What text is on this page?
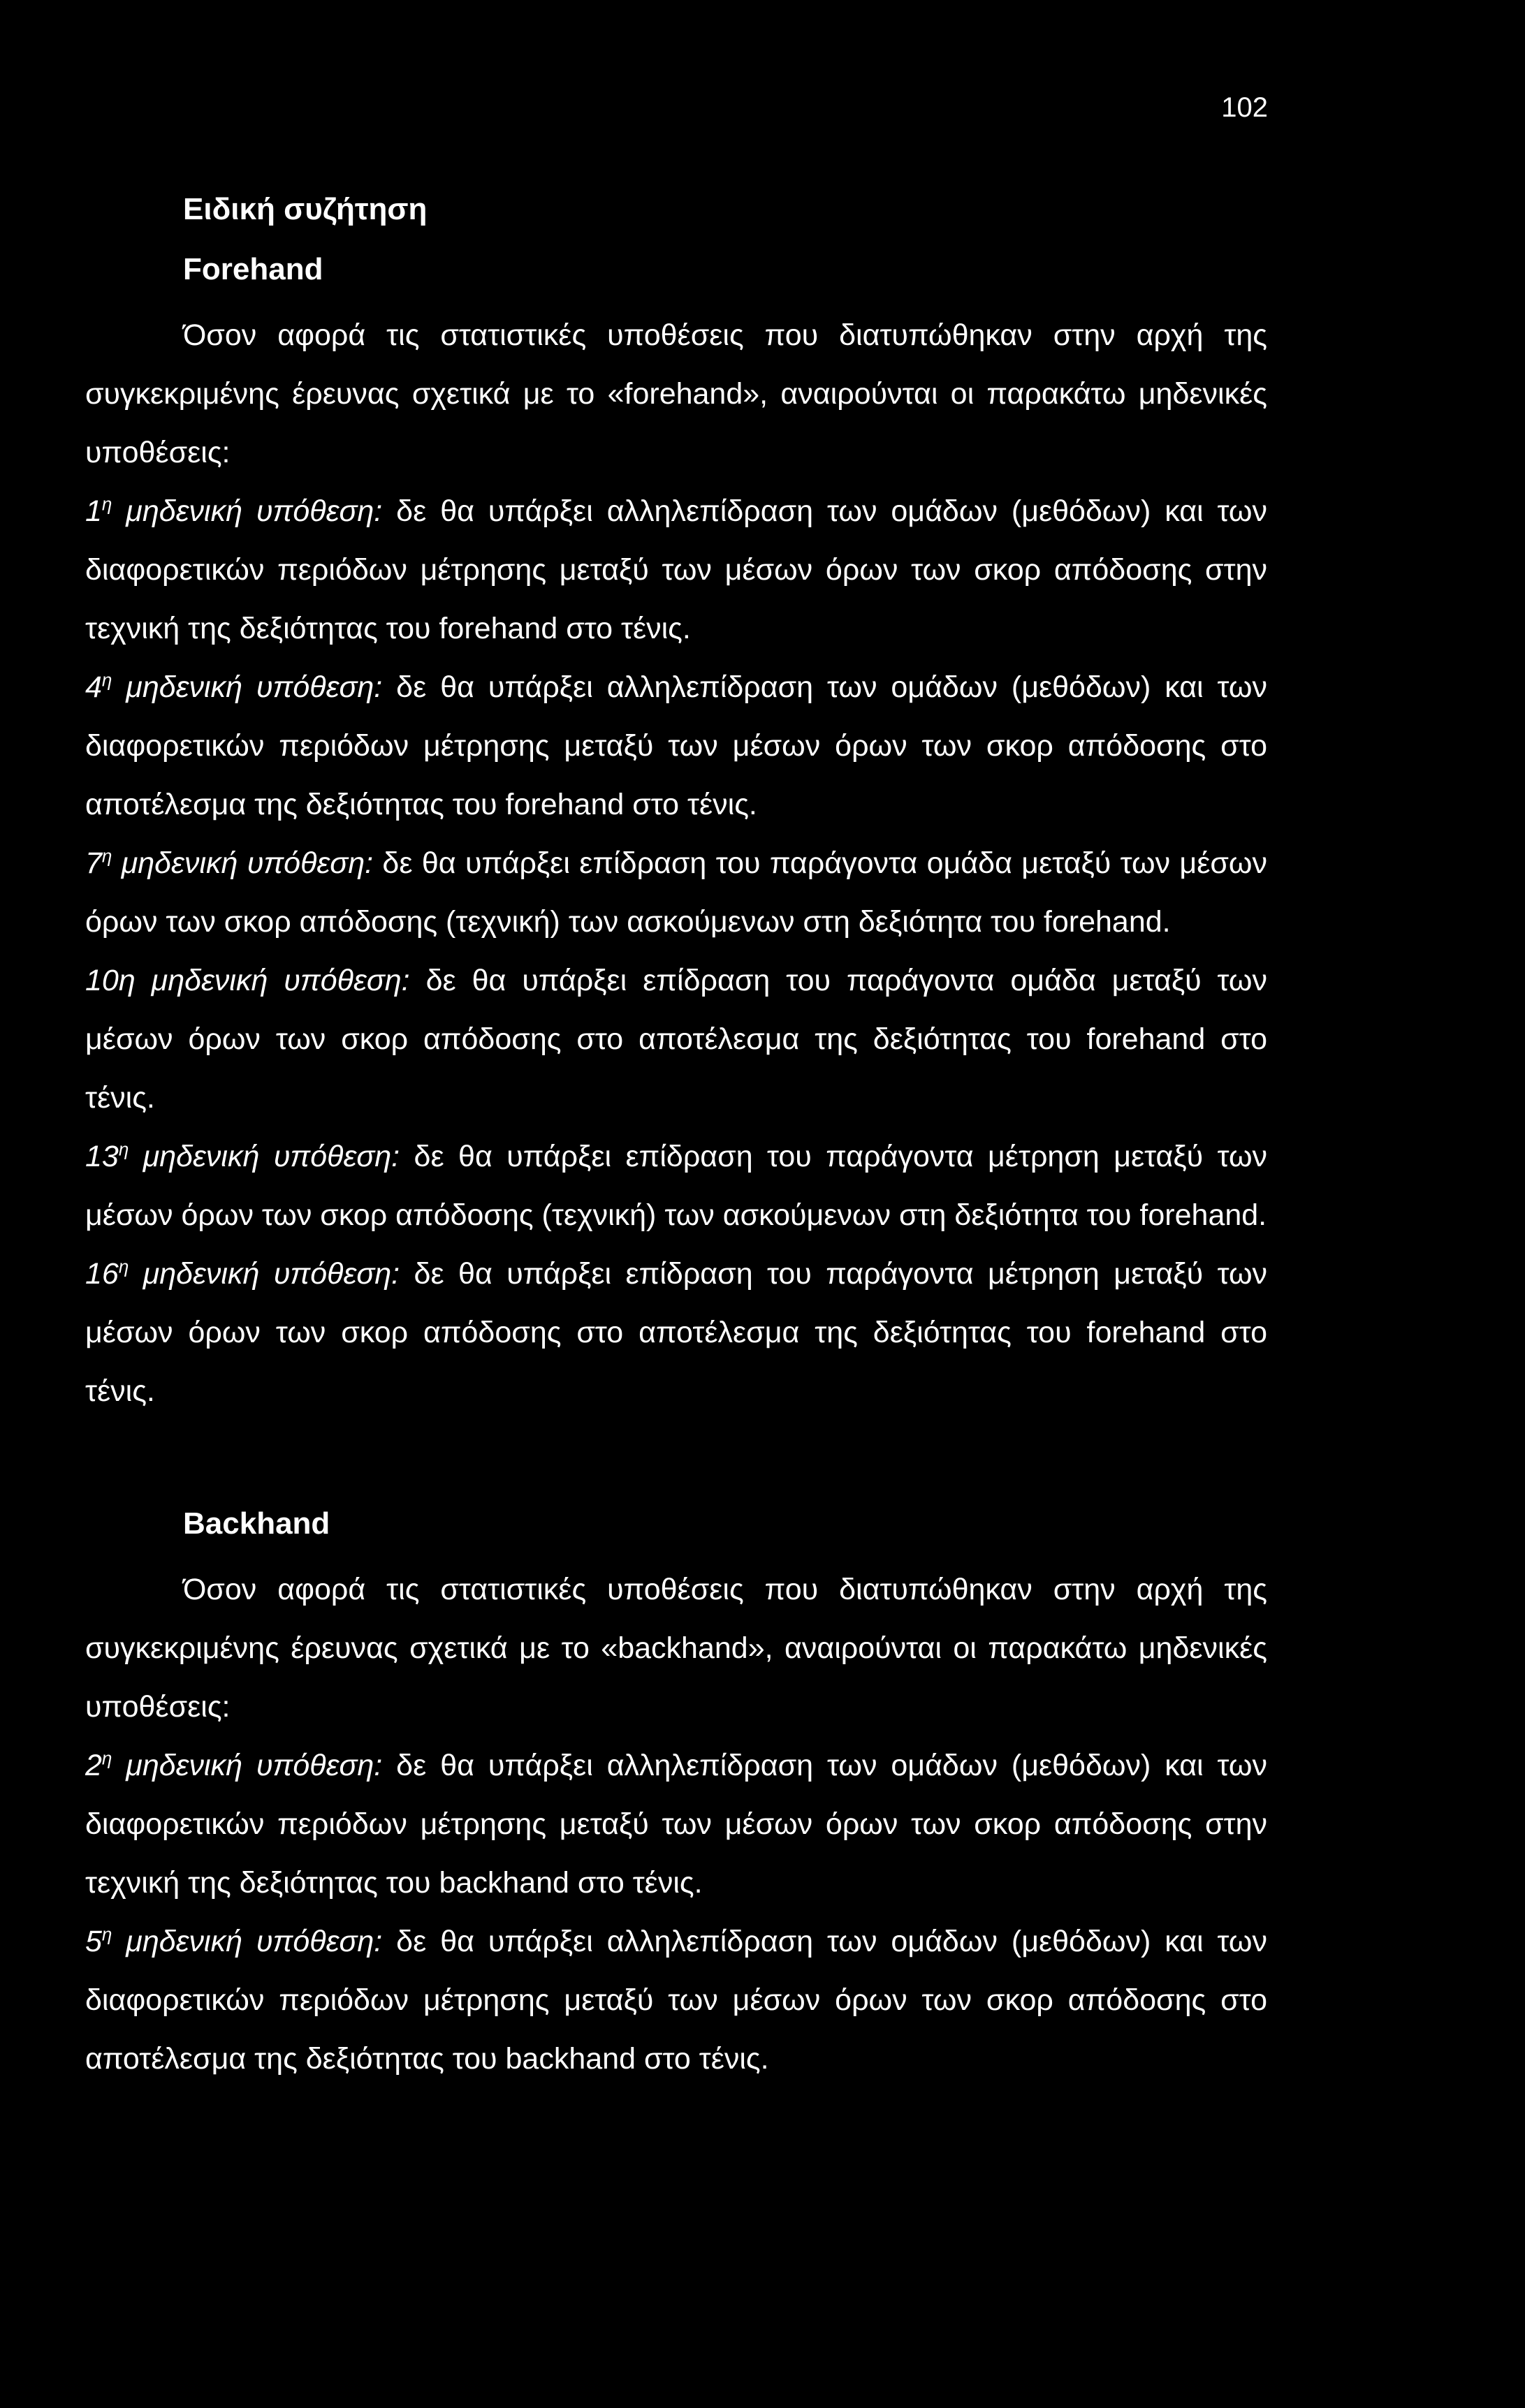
102
Ειδική συζήτηση
Forehand

Όσον αφορά τις στατιστικές υποθέσεις που διατυπώθηκαν στην αρχή της συγκεκριμένης έρευνας σχετικά με το «forehand», αναιρούνται οι παρακάτω μηδενικές υποθέσεις:

$1^\eta$ μηδενική υπόθεση: δε θα υπάρξει αλληλεπίδραση των ομάδων (μεθόδων) και των διαφορετικών περιόδων μέτρησης μεταξύ των μέσων όρων των σκορ απόδοσης στην τεχνική της δεξιότητας του forehand στο τένις.

$4^\eta$ μηδενική υπόθεση: δε θα υπάρξει αλληλεπίδραση των ομάδων (μεθόδων) και των διαφορετικών περιόδων μέτρησης μεταξύ των μέσων όρων των σκορ απόδοσης στο αποτέλεσμα της δεξιότητας του forehand στο τένις.

$7^\eta$ μηδενική υπόθεση: δε θα υπάρξει επίδραση του παράγοντα ομάδα μεταξύ των μέσων όρων των σκορ απόδοσης (τεχνική) των ασκούμενων στη δεξιότητα του forehand.

10η μηδενική υπόθεση: δε θα υπάρξει επίδραση του παράγοντα ομάδα μεταξύ των μέσων όρων των σκορ απόδοσης στο αποτέλεσμα της δεξιότητας του forehand στο τένις.

$13^\eta$ μηδενική υπόθεση: δε θα υπάρξει επίδραση του παράγοντα μέτρηση μεταξύ των μέσων όρων των σκορ απόδοσης (τεχνική) των ασκούμενων στη δεξιότητα του forehand.

$16^\eta$ μηδενική υπόθεση: δε θα υπάρξει επίδραση του παράγοντα μέτρηση μεταξύ των μέσων όρων των σκορ απόδοσης στο αποτέλεσμα της δεξιότητας του forehand στο τένις.

Backhand

Όσον αφορά τις στατιστικές υποθέσεις που διατυπώθηκαν στην αρχή της συγκεκριμένης έρευνας σχετικά με το «backhand», αναιρούνται οι παρακάτω μηδενικές υποθέσεις:

$2^\eta$ μηδενική υπόθεση: δε θα υπάρξει αλληλεπίδραση των ομάδων (μεθόδων) και των διαφορετικών περιόδων μέτρησης μεταξύ των μέσων όρων των σκορ απόδοσης στην τεχνική της δεξιότητας του backhand στο τένις.

$5^\eta$ μηδενική υπόθεση: δε θα υπάρξει αλληλεπίδραση των ομάδων (μεθόδων) και των διαφορετικών περιόδων μέτρησης μεταξύ των μέσων όρων των σκορ απόδοσης στο αποτέλεσμα της δεξιότητας του backhand στο τένις.
